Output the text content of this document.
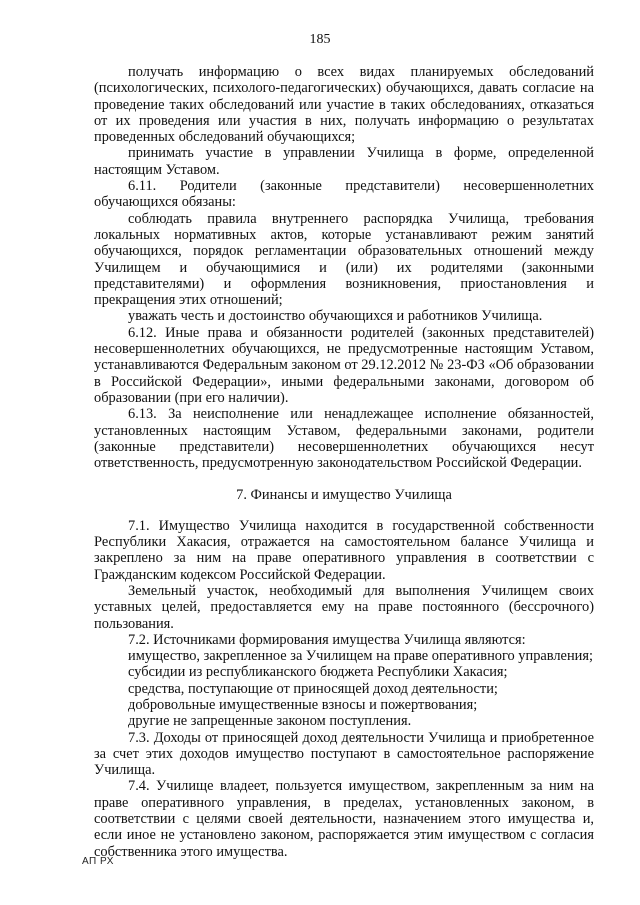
185

получать информацию о всех видах планируемых обследований (психологических, психолого-педагогических) обучающихся, давать согласие на проведение таких обследований или участие в таких обследованиях, отказаться от их проведения или участия в них, получать информацию о результатах проведенных обследований обучающихся;

принимать участие в управлении Училища в форме, определенной настоящим Уставом.

6.11. Родители (законные представители) несовершеннолетних обучающихся обязаны:

соблюдать правила внутреннего распорядка Училища, требования локальных нормативных актов, которые устанавливают режим занятий обучающихся, порядок регламентации образовательных отношений между Училищем и обучающимися и (или) их родителями (законными представителями) и оформления возникновения, приостановления и прекращения этих отношений;

уважать честь и достоинство обучающихся и работников Училища.

6.12. Иные права и обязанности родителей (законных представителей) несовершеннолетних обучающихся, не предусмотренные настоящим Уставом, устанавливаются Федеральным законом от 29.12.2012 № 23-ФЗ «Об образовании в Российской Федерации», иными федеральными законами, договором об образовании (при его наличии).

6.13. За неисполнение или ненадлежащее исполнение обязанностей, установленных настоящим Уставом, федеральными законами, родители (законные представители) несовершеннолетних обучающихся несут ответственность, предусмотренную законодательством Российской Федерации.

7. Финансы и имущество Училища

7.1. Имущество Училища находится в государственной собственности Республики Хакасия, отражается на самостоятельном балансе Училища и закреплено за ним на праве оперативного управления в соответствии с Гражданским кодексом Российской Федерации.

Земельный участок, необходимый для выполнения Училищем своих уставных целей, предоставляется ему на праве постоянного (бессрочного) пользования.

7.2. Источниками формирования имущества Училища являются:

имущество, закрепленное за Училищем на праве оперативного управления;

субсидии из республиканского бюджета Республики Хакасия;

средства, поступающие от приносящей доход деятельности;

добровольные имущественные взносы и пожертвования;

другие не запрещенные законом поступления.

7.3. Доходы от приносящей доход деятельности Училища и приобретенное за счет этих доходов имущество поступают в самостоятельное распоряжение Училища.

7.4. Училище владеет, пользуется имуществом, закрепленным за ним на праве оперативного управления, в пределах, установленных законом, в соответствии с целями своей деятельности, назначением этого имущества и, если иное не установлено законом, распоряжается этим имуществом с согласия собственника этого имущества.

АП РХ
